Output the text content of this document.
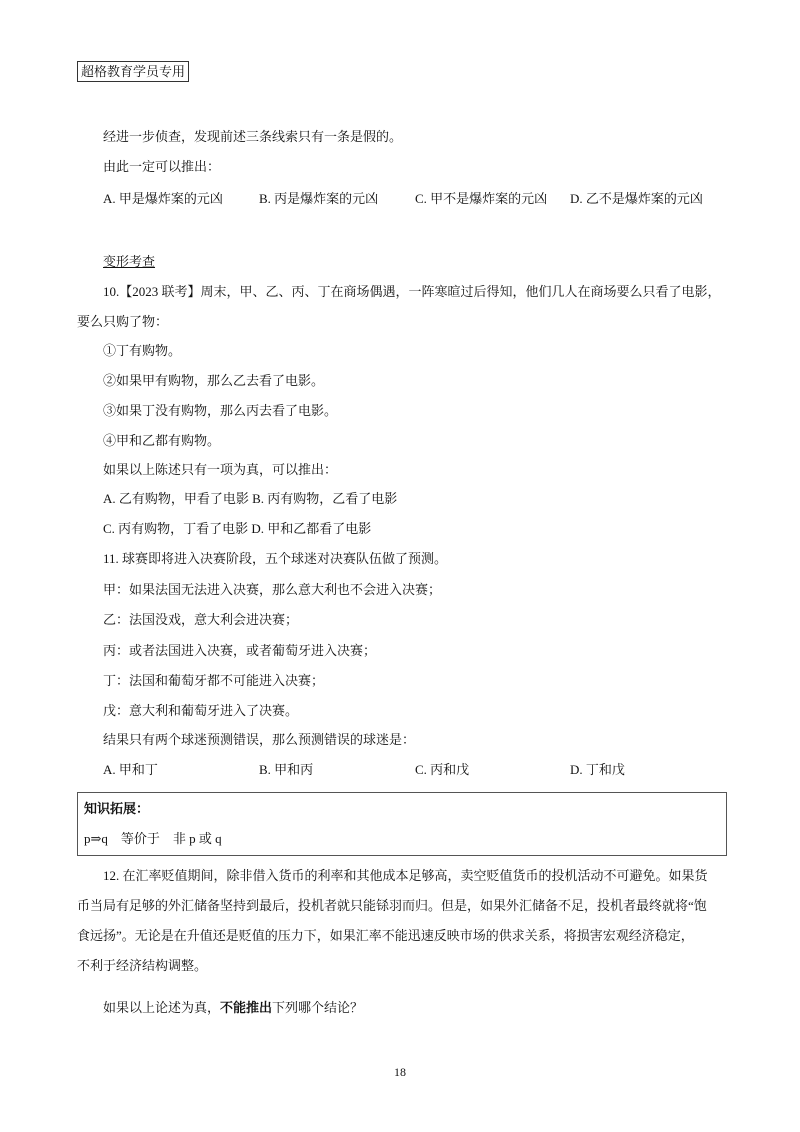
超格教育学员专用
经进一步侦查，发现前述三条线索只有一条是假的。
由此一定可以推出：
A. 甲是爆炸案的元凶	B. 丙是爆炸案的元凶	C. 甲不是爆炸案的元凶 D. 乙不是爆炸案的元凶
变形考查
10.【2023 联考】周末，甲、乙、丙、丁在商场偶遇，一阵寒暄过后得知，他们几人在商场要么只看了电影，
要么只购了物：
①丁有购物。
②如果甲有购物，那么乙去看了电影。
③如果丁没有购物，那么丙去看了电影。
④甲和乙都有购物。
如果以上陈述只有一项为真，可以推出：
A. 乙有购物，甲看了电影 B. 丙有购物，乙看了电影
C. 丙有购物，丁看了电影 D. 甲和乙都看了电影
11. 球赛即将进入决赛阶段，五个球迷对决赛队伍做了预测。
甲：如果法国无法进入决赛，那么意大利也不会进入决赛；
乙：法国没戏，意大利会进决赛；
丙：或者法国进入决赛，或者葡萄牙进入决赛；
丁：法国和葡萄牙都不可能进入决赛；
戊：意大利和葡萄牙进入了决赛。
结果只有两个球迷预测错误，那么预测错误的球迷是：
A. 甲和丁	B. 甲和丙	C. 丙和戊	D. 丁和戊
知识拓展：
p⇒q　等价于　非 p 或 q
12. 在汇率贬值期间，除非借入货币的利率和其他成本足够高，卖空贬值货币的投机活动不可避免。如果货
币当局有足够的外汇储备坚持到最后，投机者就只能铩羽而归。但是，如果外汇储备不足，投机者最终就将“饱
食远扬”。无论是在升值还是贬值的压力下，如果汇率不能迅速反映市场的供求关系，将损害宏观经济稳定，
不利于经济结构调整。
如果以上论述为真，不能推出下列哪个结论？
18
